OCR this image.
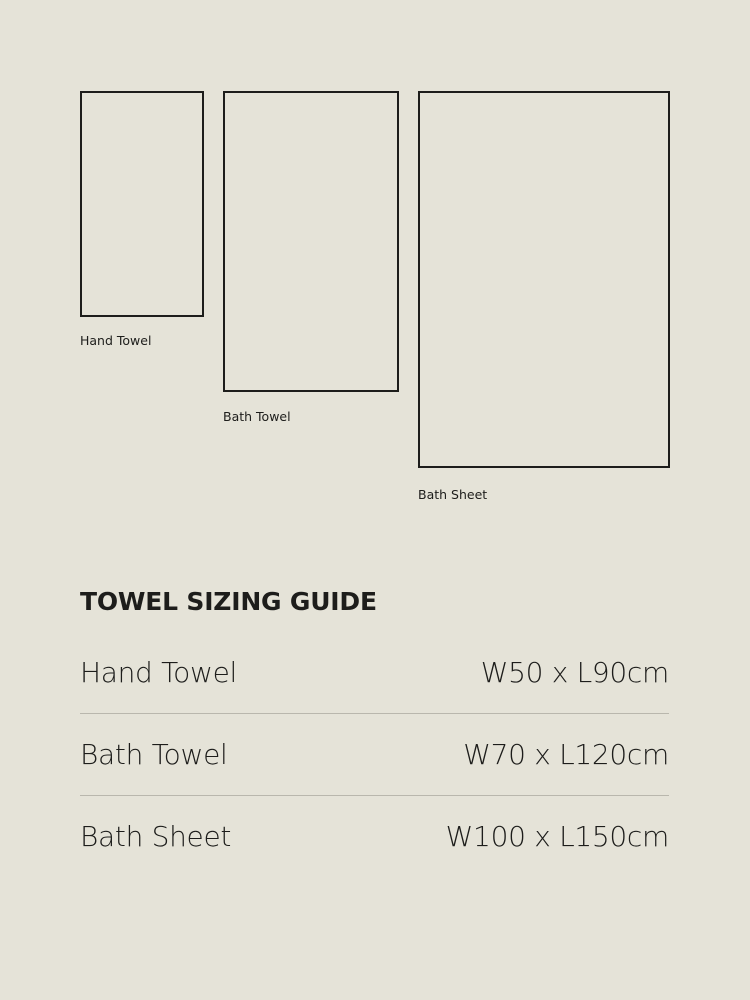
Hand Towel
Bath Towel
Bath Sheet
TOWEL SIZING GUIDE
Hand Towel	W50 x L90cm
Bath Towel	W70 x L120cm
Bath Sheet	W100 x L150cm
